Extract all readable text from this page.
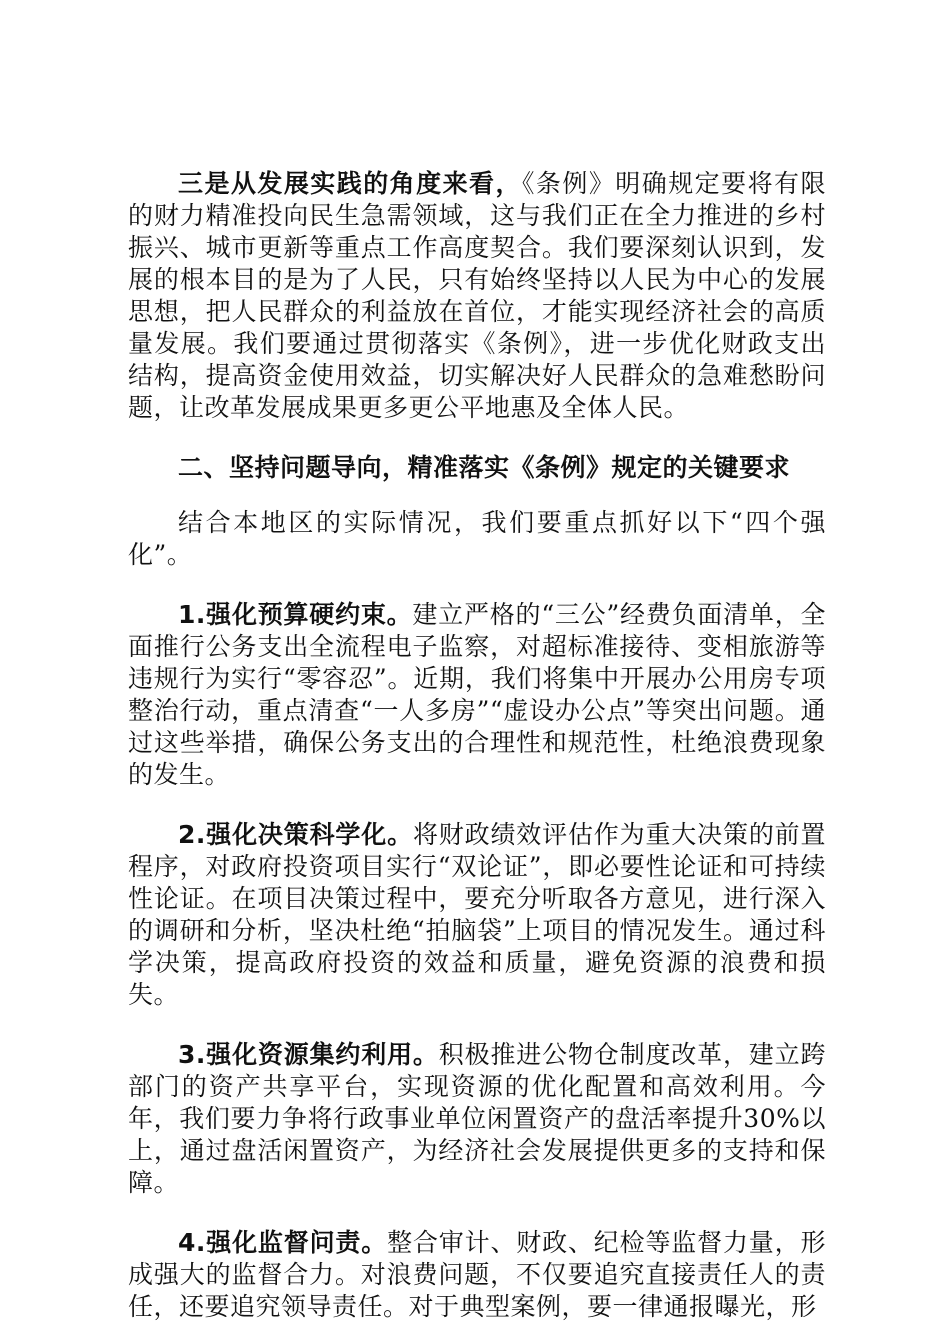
三是从发展实践的角度来看，《条例》明确规定要将有限的财力精准投向民生急需领域，这与我们正在全力推进的乡村振兴、城市更新等重点工作高度契合。我们要深刻认识到，发展的根本目的是为了人民，只有始终坚持以人民为中心的发展思想，把人民群众的利益放在首位，才能实现经济社会的高质量发展。我们要通过贯彻落实《条例》，进一步优化财政支出结构，提高资金使用效益，切实解决好人民群众的急难愁盼问题，让改革发展成果更多更公平地惠及全体人民。

二、坚持问题导向，精准落实《条例》规定的关键要求

结合本地区的实际情况，我们要重点抓好以下“四个强化”。

1.强化预算硬约束。建立严格的“三公”经费负面清单，全面推行公务支出全流程电子监察，对超标准接待、变相旅游等违规行为实行“零容忍”。近期，我们将集中开展办公用房专项整治行动，重点清查“一人多房”“虚设办公点”等突出问题。通过这些举措，确保公务支出的合理性和规范性，杜绝浪费现象的发生。

2.强化决策科学化。将财政绩效评估作为重大决策的前置程序，对政府投资项目实行“双论证”，即必要性论证和可持续性论证。在项目决策过程中，要充分听取各方意见，进行深入的调研和分析，坚决杜绝“拍脑袋”上项目的情况发生。通过科学决策，提高政府投资的效益和质量，避免资源的浪费和损失。

3.强化资源集约利用。积极推进公物仓制度改革，建立跨部门的资产共享平台，实现资源的优化配置和高效利用。今年，我们要力争将行政事业单位闲置资产的盘活率提升30%以上，通过盘活闲置资产，为经济社会发展提供更多的支持和保障。

4.强化监督问责。整合审计、财政、纪检等监督力量，形成强大的监督合力。对浪费问题，不仅要追究直接责任人的责任，还要追究领导责任。对于典型案例，要一律通报曝光，形
